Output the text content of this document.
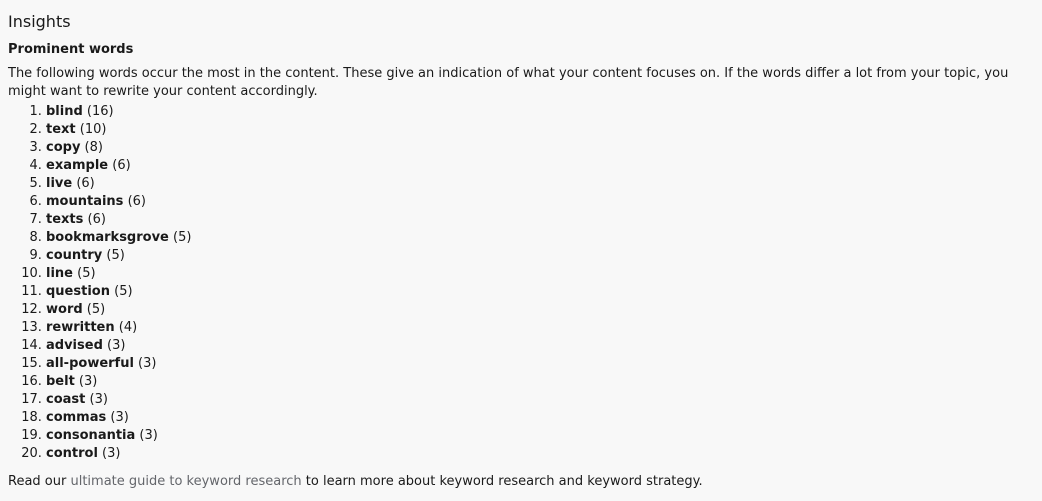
Insights
Prominent words

The following words occur the most in the content. These give an indication of what your content focuses on. If the words differ a lot from your topic, you might want to rewrite your content accordingly.

1. blind (16)
2. text (10)
3. copy (8)
4. example (6)
5. live (6)
6. mountains (6)
7. texts (6)
8. bookmarksgrove (5)
9. country (5)
10. line (5)
11. question (5)
12. word (5)
13. rewritten (4)
14. advised (3)
15. all-powerful (3)
16. belt (3)
17. coast (3)
18. commas (3)
19. consonantia (3)
20. control (3)

Read our ultimate guide to keyword research to learn more about keyword research and keyword strategy.
